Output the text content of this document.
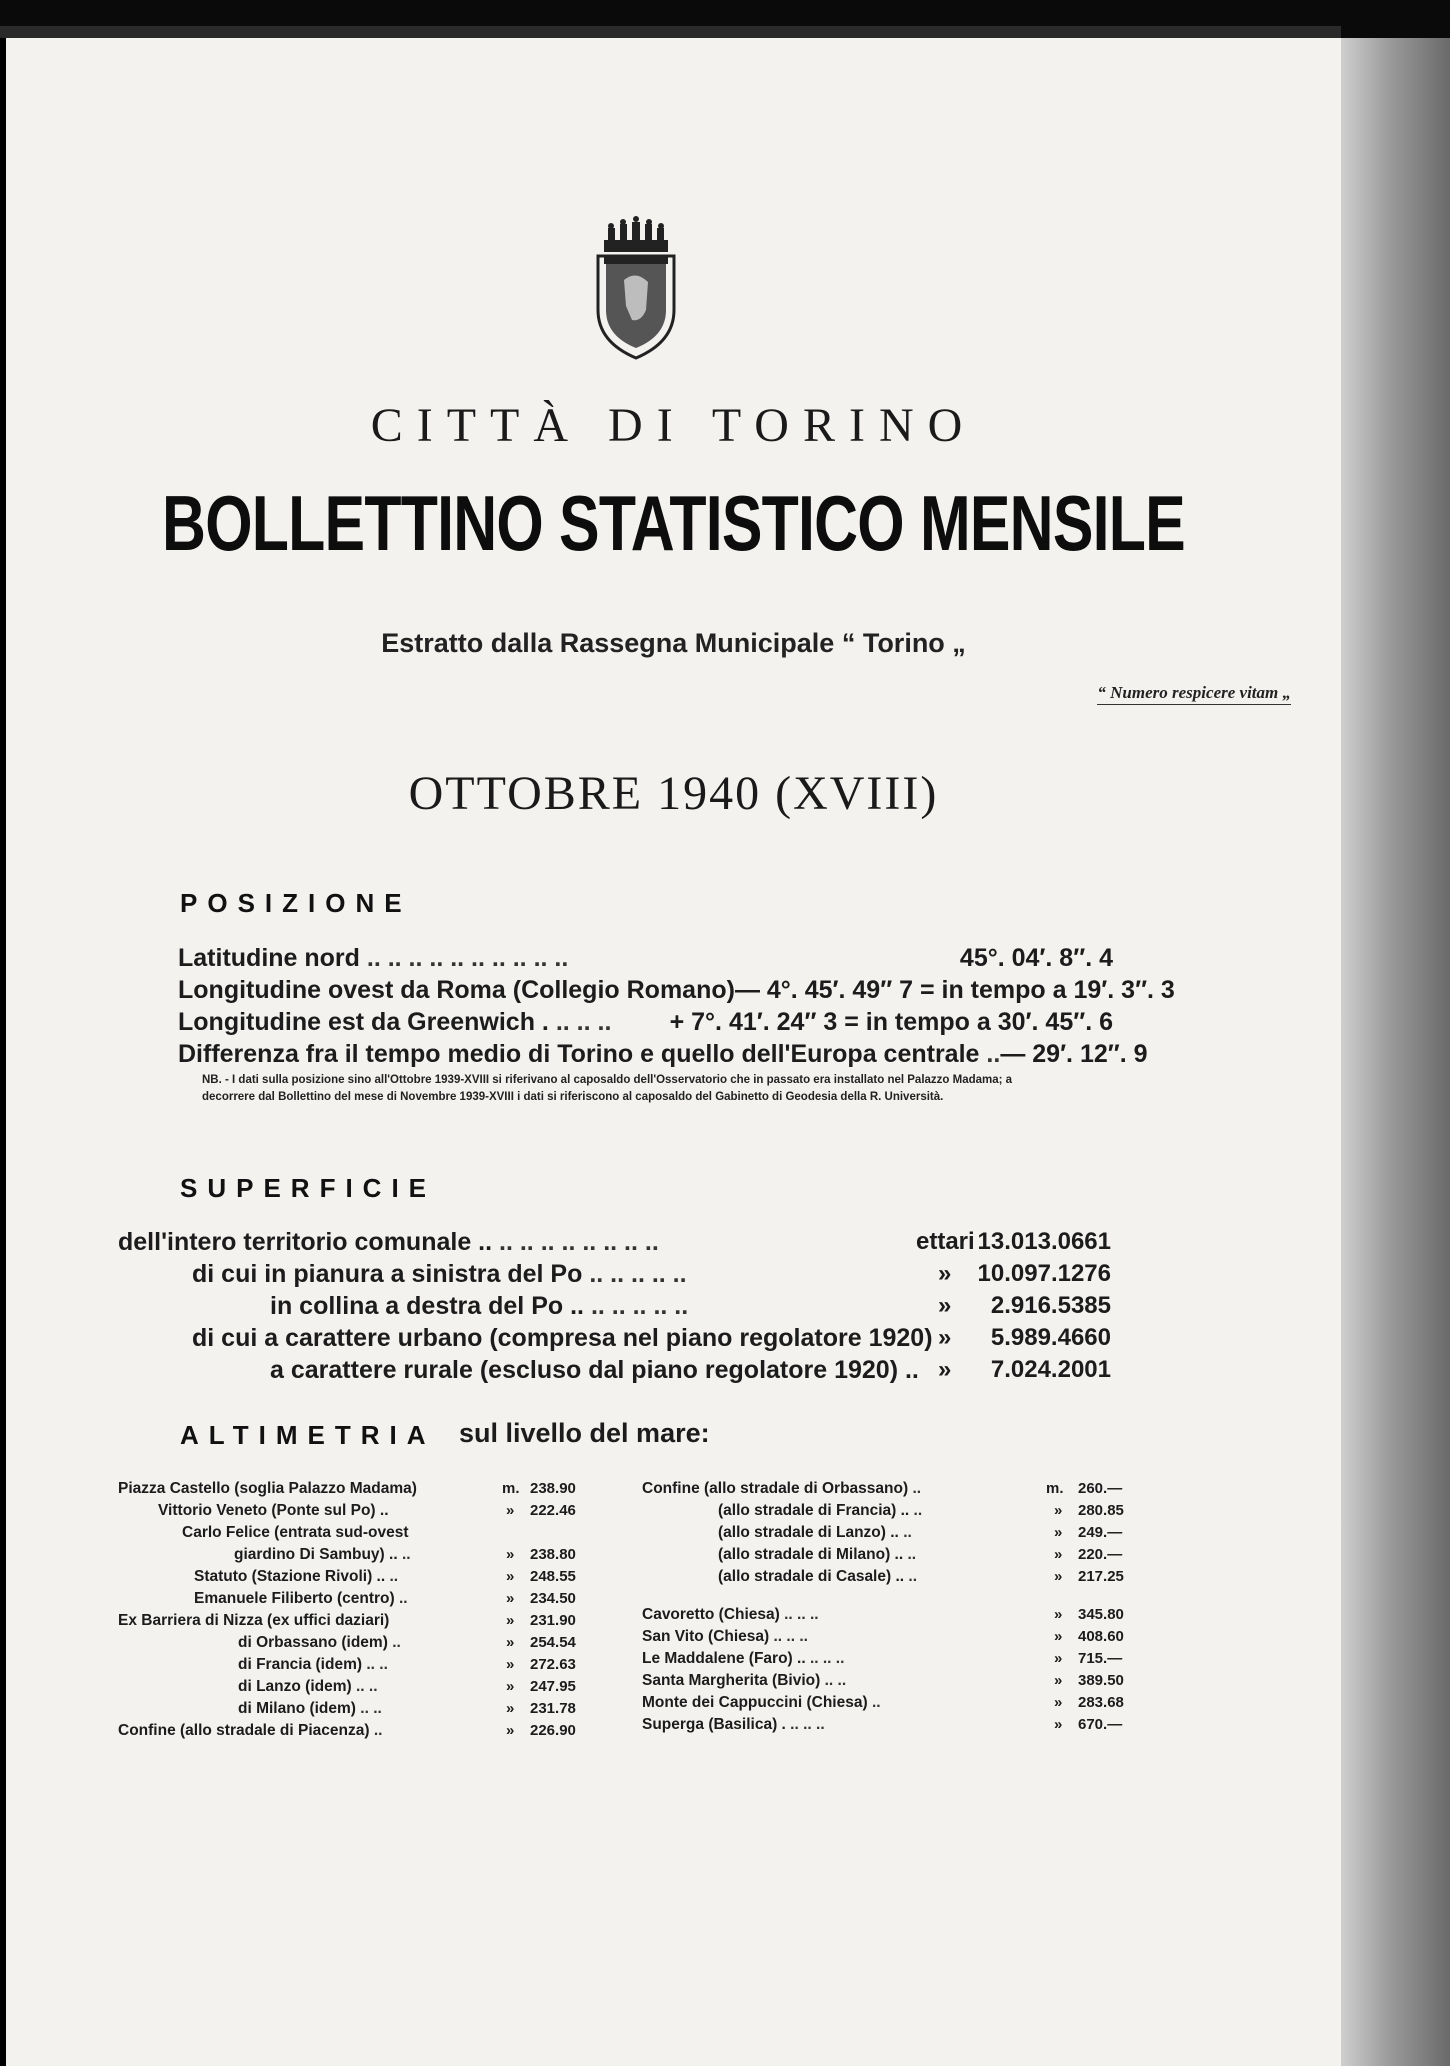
CITTÀ DI TORINO
BOLLETTINO STATISTICO MENSILE
Estratto dalla Rassegna Municipale “ Torino „
“ Numero respicere vitam „
OTTOBRE 1940 (XVIII)
POSIZIONE
Latitudine nord .. .. .. .. .. .. .. .. .. ..	45°. 04′. 8″. 4
Longitudine ovest da Roma (Collegio Romano) — 4°. 45′. 49″ 7 = in tempo a 19′. 3″. 3
Longitudine est da Greenwich . .. .. .. + 7°. 41′. 24″ 3 = in tempo a 30′. 45″. 6
Differenza fra il tempo medio di Torino e quello dell'Europa centrale .. — 29′. 12″. 9
NB. - I dati sulla posizione sino all'Ottobre 1939-XVIII si riferivano al caposaldo dell'Osservatorio che in passato era installato nel Palazzo Madama; a decorrere dal Bollettino del mese di Novembre 1939-XVIII i dati si riferiscono al caposaldo del Gabinetto di Geodesia della R. Università.
SUPERFICIE
dell'intero territorio comunale .. .. .. .. .. .. .. .. ..	ettari 13.013.0661
di cui in pianura a sinistra del Po .. .. .. .. ..	» 10.097.1276
in collina a destra del Po .. .. .. .. .. ..	» 2.916.5385
di cui a carattere urbano (compresa nel piano regolatore 1920) » 5.989.4660
a carattere rurale (escluso dal piano regolatore 1920) .. » 7.024.2001
ALTIMETRIA sul livello del mare:
Piazza Castello (soglia Palazzo Madama)	m. 238.90
Vittorio Veneto (Ponte sul Po) ..	» 222.46
Carlo Felice (entrata sud-ovest
giardino Di Sambuy) .. ..	» 238.80
Statuto (Stazione Rivoli) .. ..	» 248.55
Emanuele Filiberto (centro) ..	» 234.50
Ex Barriera di Nizza (ex uffici daziari)	» 231.90
di Orbassano (idem) ..	» 254.54
di Francia (idem) .. ..	» 272.63
di Lanzo (idem) .. ..	» 247.95
di Milano (idem) .. ..	» 231.78
Confine (allo stradale di Piacenza) ..	» 226.90
Confine (allo stradale di Orbassano) ..	m. 260.—
(allo stradale di Francia) .. ..	» 280.85
(allo stradale di Lanzo) .. ..	» 249.—
(allo stradale di Milano) .. ..	» 220.—
(allo stradale di Casale) .. ..	» 217.25
Cavoretto (Chiesa) .. .. ..	» 345.80
San Vito (Chiesa) .. .. ..	» 408.60
Le Maddalene (Faro) .. .. .. ..	» 715.—
Santa Margherita (Bivio) .. ..	» 389.50
Monte dei Cappuccini (Chiesa) ..	» 283.68
Superga (Basilica) . .. .. ..	» 670.—
